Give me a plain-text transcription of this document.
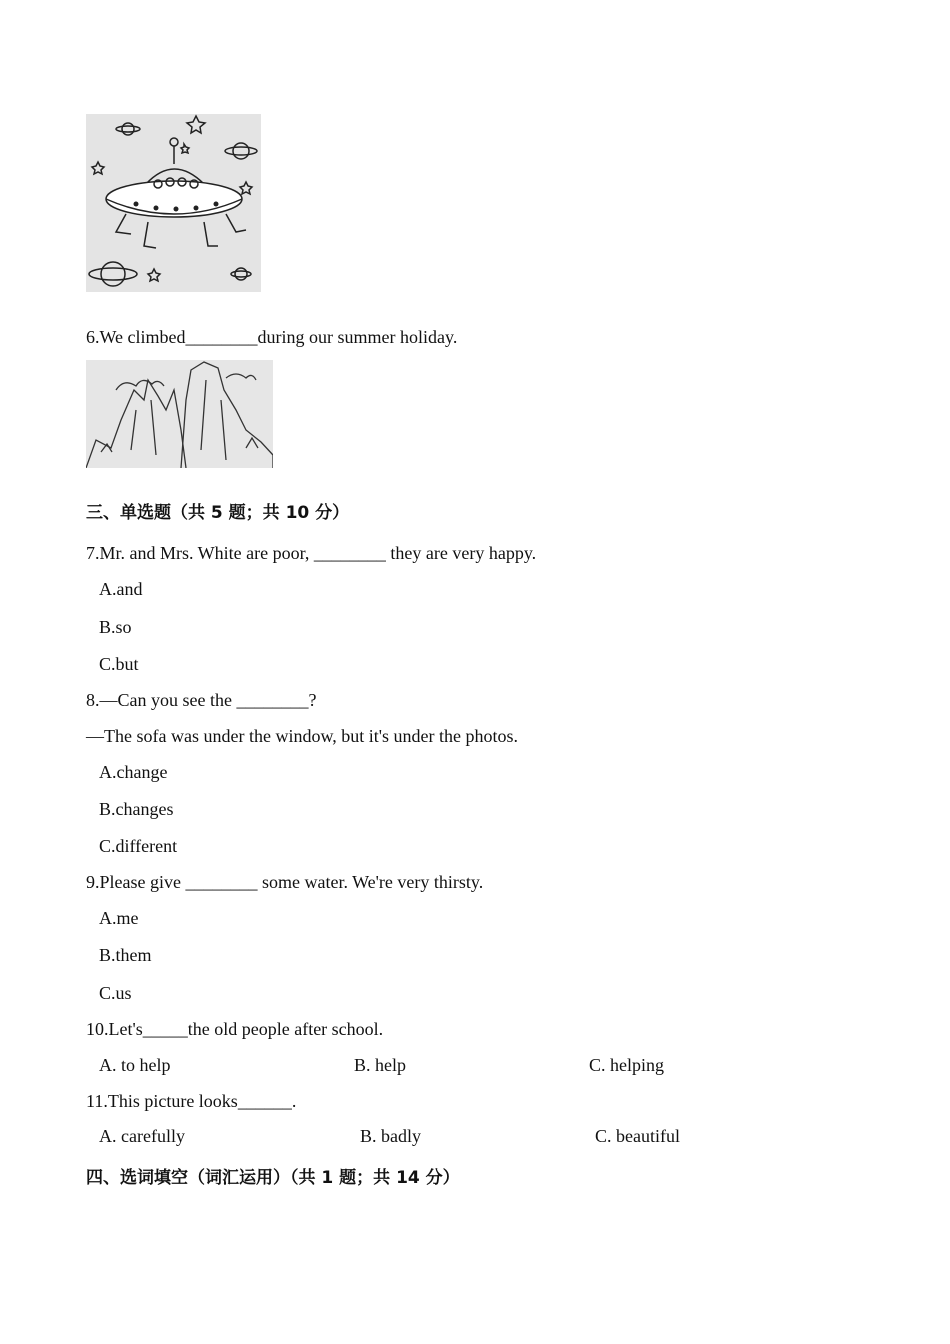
6.We climbed________during our summer holiday.
三、单选题（共 5 题；共 10 分）
7.Mr. and Mrs. White are poor, ________ they are very happy.
A.and
B.so
C.but
8.—Can you see the ________?
—The sofa was under the window, but it's under the photos.
A.change
B.changes
C.different
9.Please give ________ some water. We're very thirsty.
A.me
B.them
C.us
10.Let's_____the old people after school.
A. to help	B. help	C. helping
11.This picture looks______.
A. carefully	B. badly	C. beautiful
四、选词填空（词汇运用）（共 1 题；共 14 分）
